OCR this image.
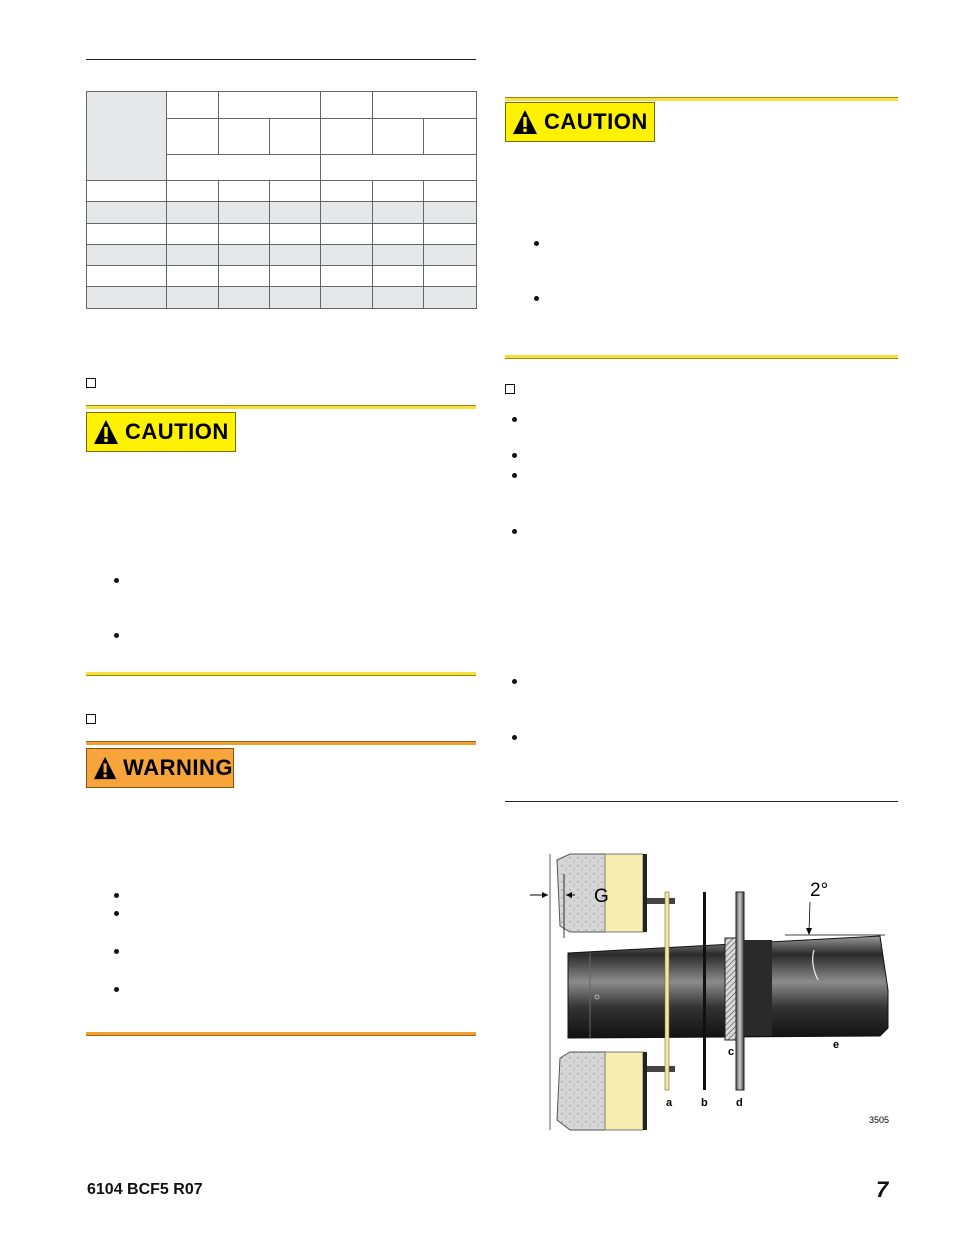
CAUTION
WARNING
CAUTION
G	2°
a	b
c
d
e
3505
6104 BCF5 R07	7
